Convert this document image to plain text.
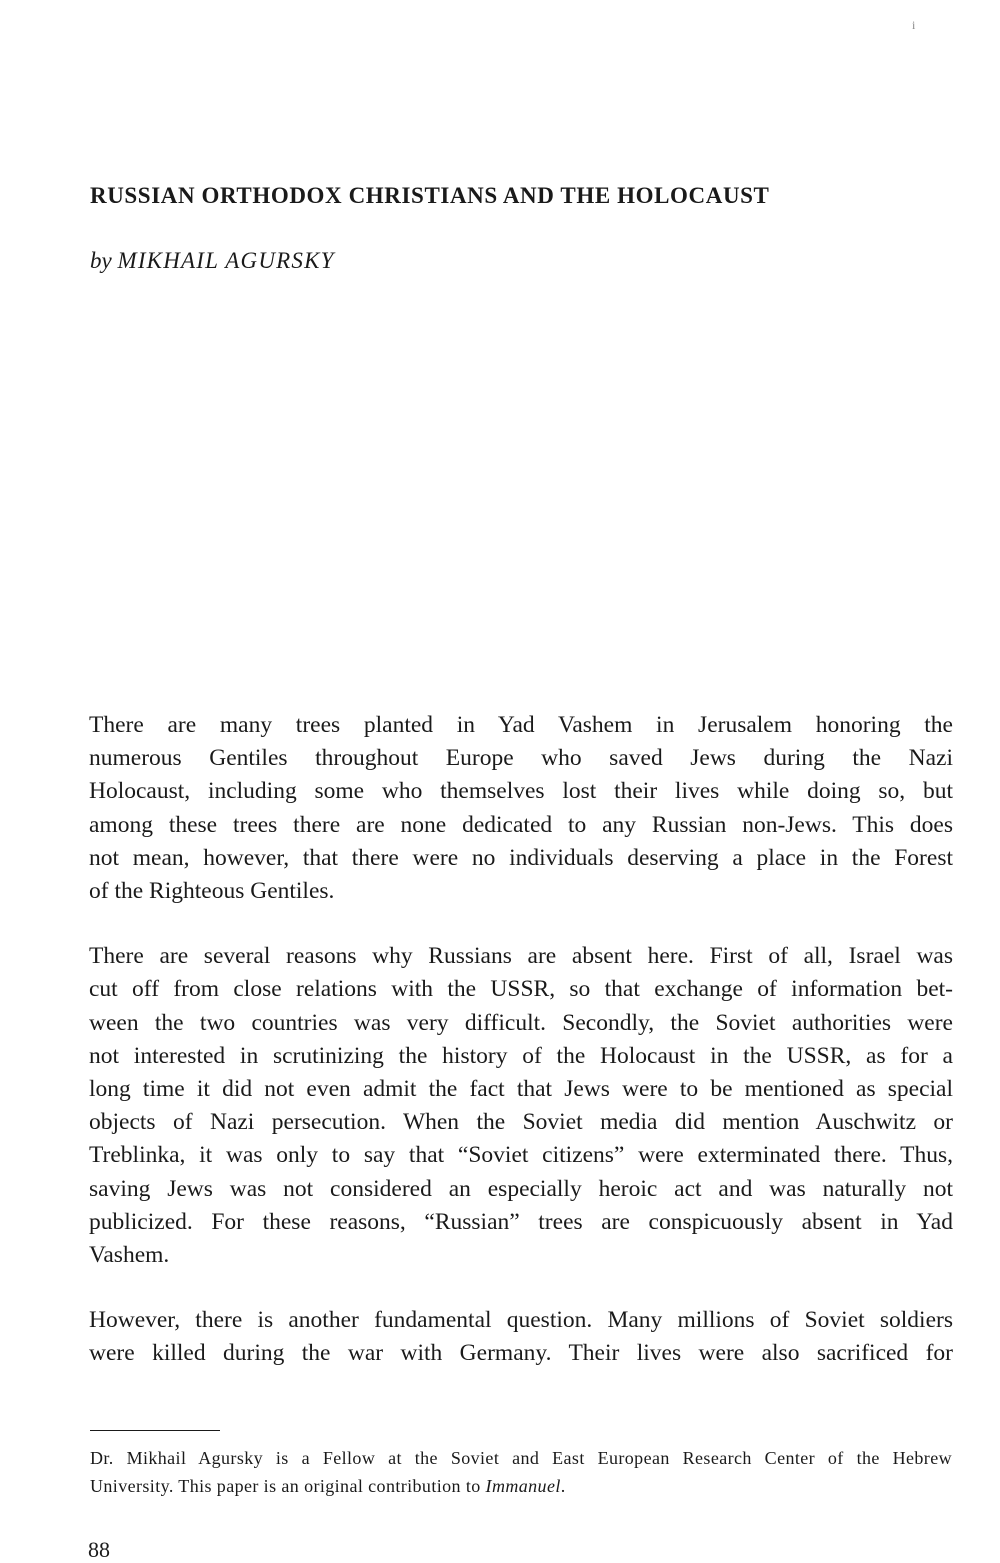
i
RUSSIAN ORTHODOX CHRISTIANS AND THE HOLOCAUST
by MIKHAIL AGURSKY

There are many trees planted in Yad Vashem in Jerusalem honoring the
numerous Gentiles throughout Europe who saved Jews during the Nazi
Holocaust, including some who themselves lost their lives while doing so, but
among these trees there are none dedicated to any Russian non-Jews. This does
not mean, however, that there were no individuals deserving a place in the Forest
of the Righteous Gentiles.

There are several reasons why Russians are absent here. First of all, Israel was
cut off from close relations with the USSR, so that exchange of information bet-
ween the two countries was very difficult. Secondly, the Soviet authorities were
not interested in scrutinizing the history of the Holocaust in the USSR, as for a
long time it did not even admit the fact that Jews were to be mentioned as special
objects of Nazi persecution. When the Soviet media did mention Auschwitz or
Treblinka, it was only to say that “Soviet citizens” were exterminated there. Thus,
saving Jews was not considered an especially heroic act and was naturally not
publicized. For these reasons, “Russian” trees are conspicuously absent in Yad
Vashem.

However, there is another fundamental question. Many millions of Soviet soldiers
were killed during the war with Germany. Their lives were also sacrificed for

Dr. Mikhail Agursky is a Fellow at the Soviet and East European Research Center of the Hebrew
University. This paper is an original contribution to Immanuel.
88
